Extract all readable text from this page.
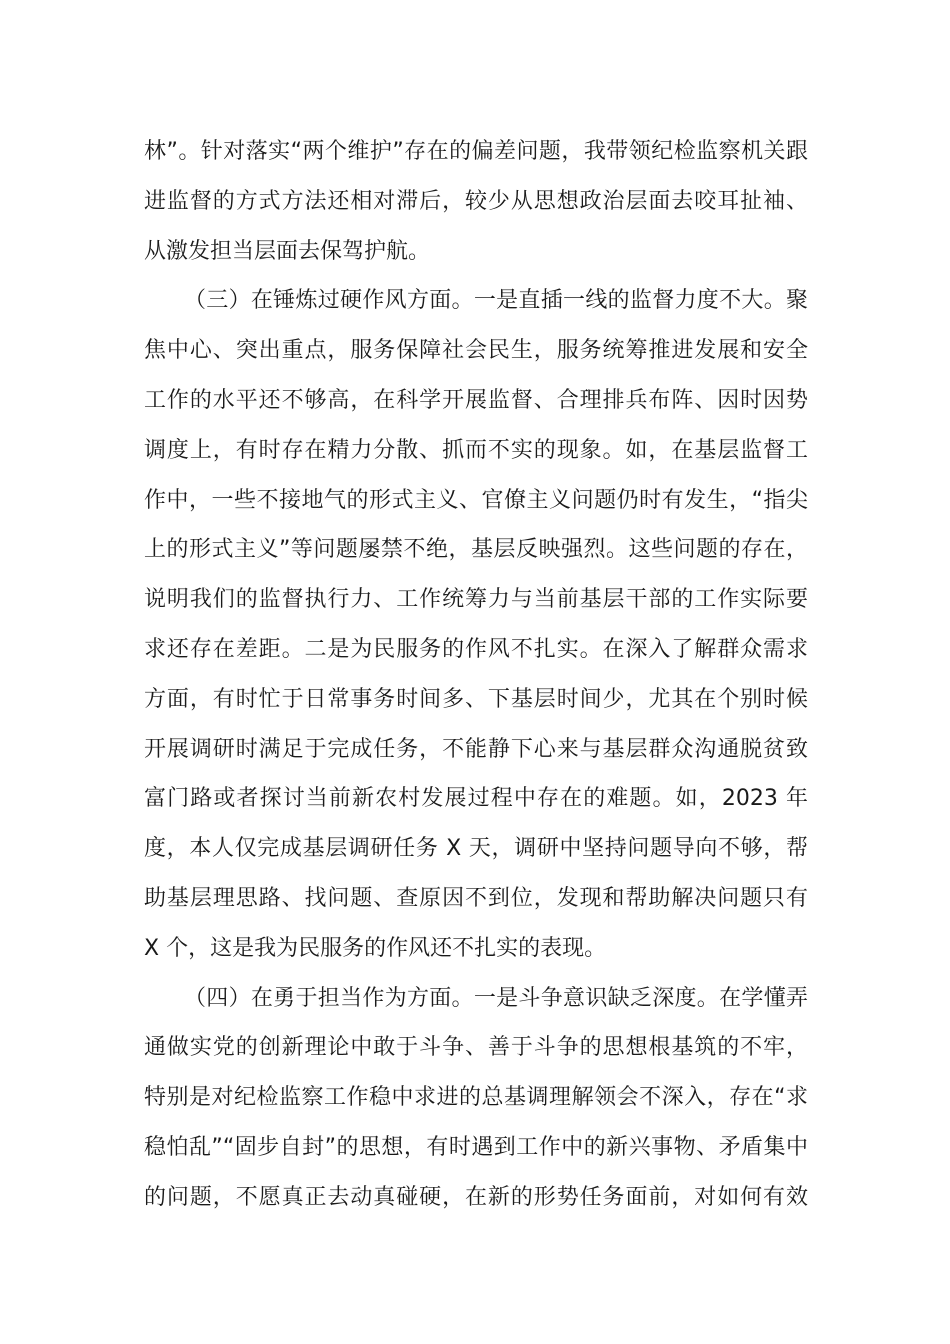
林”。针对落实“两个维护”存在的偏差问题，我带领纪检监察机关跟
进监督的方式方法还相对滞后，较少从思想政治层面去咬耳扯袖、
从激发担当层面去保驾护航。
（三）在锤炼过硬作风方面。一是直插一线的监督力度不大。聚
焦中心、突出重点，服务保障社会民生，服务统筹推进发展和安全
工作的水平还不够高，在科学开展监督、合理排兵布阵、因时因势
调度上，有时存在精力分散、抓而不实的现象。如，在基层监督工
作中，一些不接地气的形式主义、官僚主义问题仍时有发生，“指尖
上的形式主义”等问题屡禁不绝，基层反映强烈。这些问题的存在，
说明我们的监督执行力、工作统筹力与当前基层干部的工作实际要
求还存在差距。二是为民服务的作风不扎实。在深入了解群众需求
方面，有时忙于日常事务时间多、下基层时间少，尤其在个别时候
开展调研时满足于完成任务，不能静下心来与基层群众沟通脱贫致
富门路或者探讨当前新农村发展过程中存在的难题。如，2023 年
度，本人仅完成基层调研任务 X 天，调研中坚持问题导向不够，帮
助基层理思路、找问题、查原因不到位，发现和帮助解决问题只有
X 个，这是我为民服务的作风还不扎实的表现。
（四）在勇于担当作为方面。一是斗争意识缺乏深度。在学懂弄
通做实党的创新理论中敢于斗争、善于斗争的思想根基筑的不牢，
特别是对纪检监察工作稳中求进的总基调理解领会不深入，存在“求
稳怕乱”“固步自封”的思想，有时遇到工作中的新兴事物、矛盾集中
的问题，不愿真正去动真碰硬，在新的形势任务面前，对如何有效
